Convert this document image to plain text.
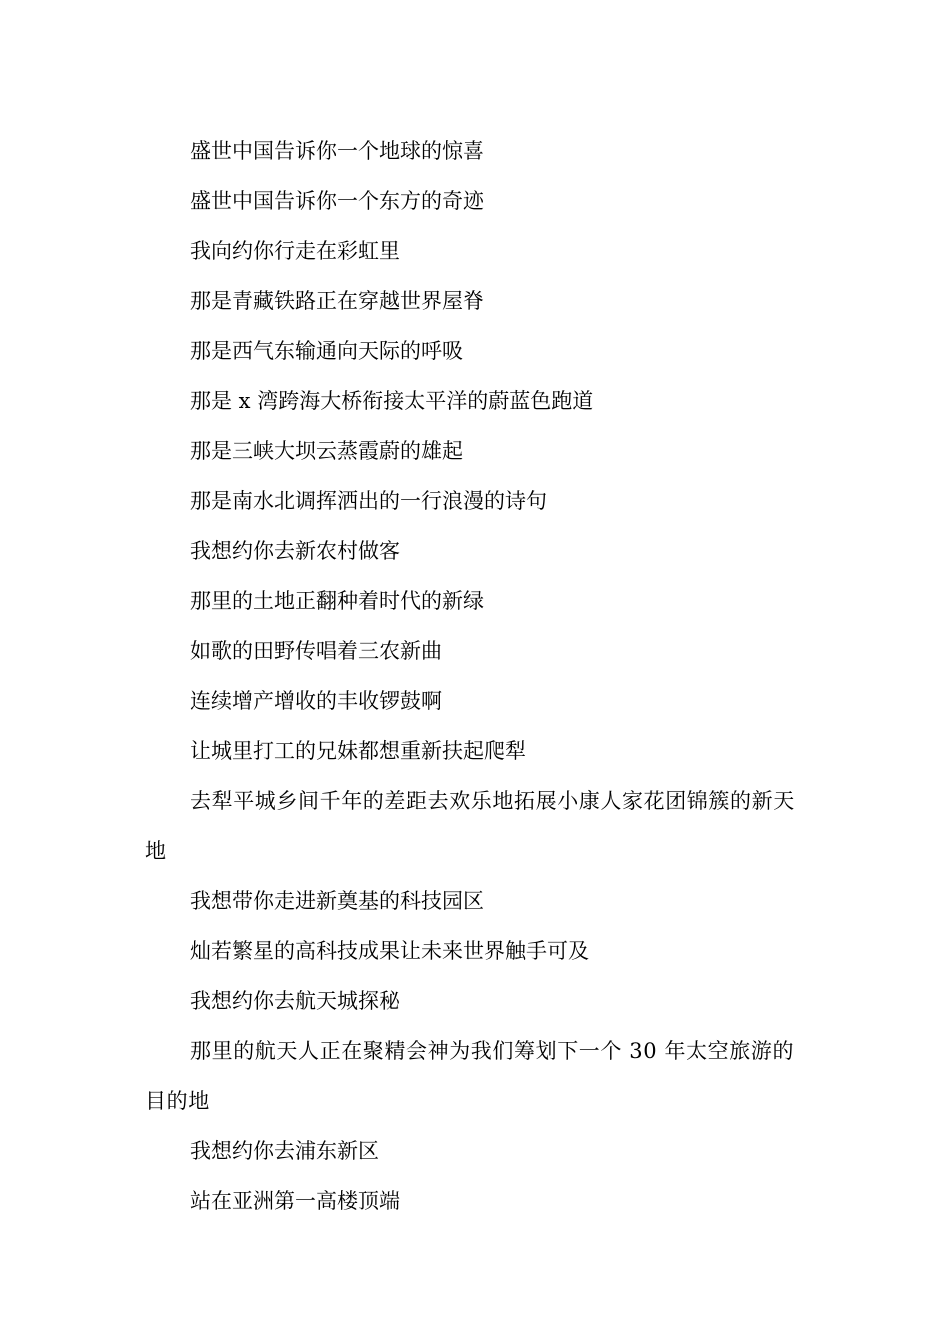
盛世中国告诉你一个地球的惊喜
盛世中国告诉你一个东方的奇迹
我向约你行走在彩虹里
那是青藏铁路正在穿越世界屋脊
那是西气东输通向天际的呼吸
那是 x 湾跨海大桥衔接太平洋的蔚蓝色跑道
那是三峡大坝云蒸霞蔚的雄起
那是南水北调挥洒出的一行浪漫的诗句
我想约你去新农村做客
那里的土地正翻种着时代的新绿
如歌的田野传唱着三农新曲
连续增产增收的丰收锣鼓啊
让城里打工的兄妹都想重新扶起爬犁
去犁平城乡间千年的差距去欢乐地拓展小康人家花团锦簇的新天地
我想带你走进新奠基的科技园区
灿若繁星的高科技成果让未来世界触手可及
我想约你去航天城探秘
那里的航天人正在聚精会神为我们筹划下一个 30 年太空旅游的目的地
我想约你去浦东新区
站在亚洲第一高楼顶端
